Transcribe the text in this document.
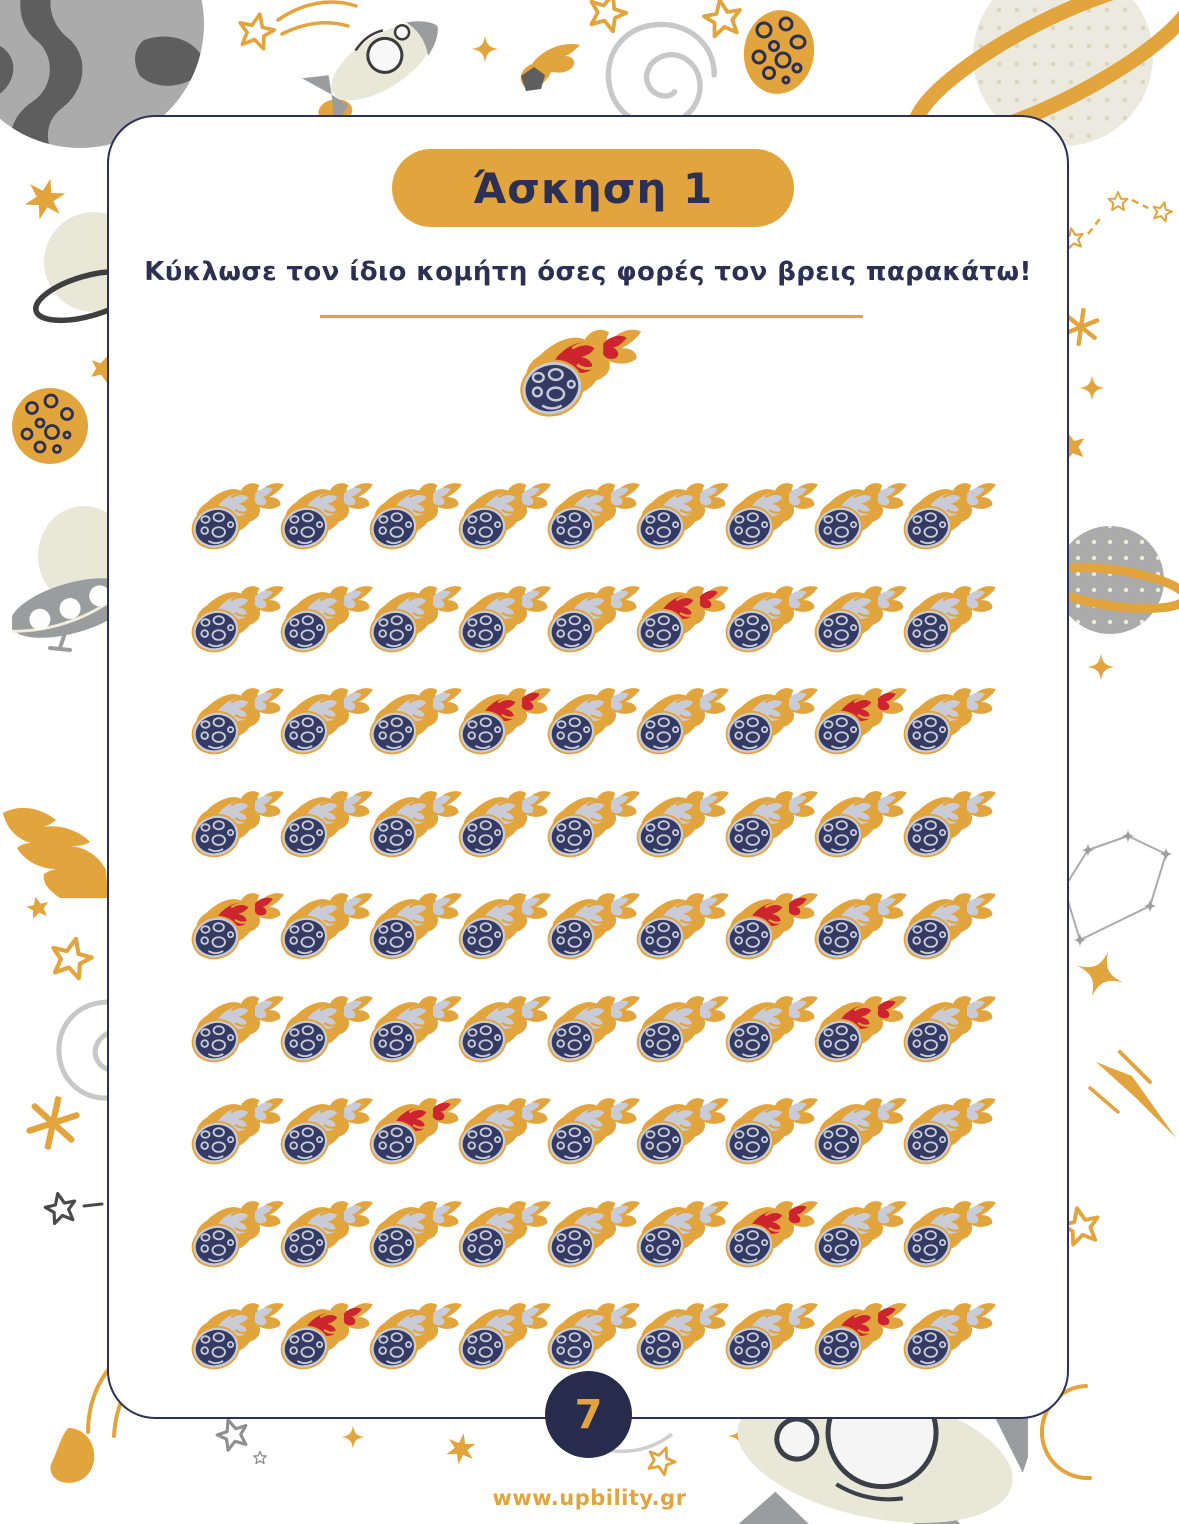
Άσκηση 1
Κύκλωσε τον ίδιο κομήτη όσες φορές τον βρεις παρακάτω!
7
www.upbility.gr
